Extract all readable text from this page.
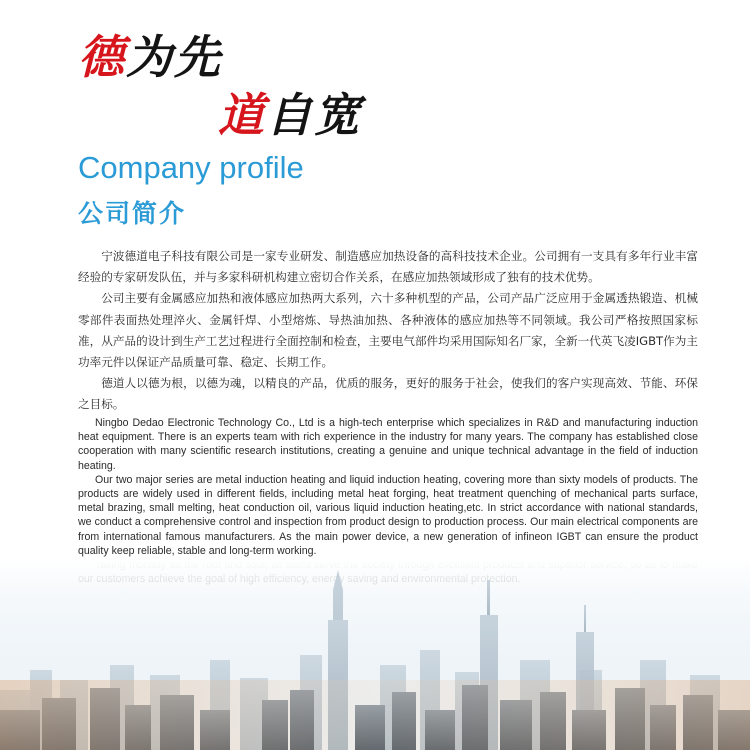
德为先
道自宽
Company profile
公司简介

宁波德道电子科技有限公司是一家专业研发、制造感应加热设备的高科技技术企业。公司拥有一支具有多年行业丰富经验的专家研发队伍，并与多家科研机构建立密切合作关系，在感应加热领域形成了独有的技术优势。

公司主要有金属感应加热和液体感应加热两大系列，六十多种机型的产品，公司产品广泛应用于金属透热锻造、机械零部件表面热处理淬火、金属钎焊、小型熔炼、导热油加热、各种液体的感应加热等不同领域。我公司严格按照国家标准，从产品的设计到生产工艺过程进行全面控制和检查，主要电气部件均采用国际知名厂家，全新一代英飞凌IGBT作为主功率元件以保证产品质量可靠、稳定、长期工作。

德道人以德为根，以德为魂，以精良的产品，优质的服务，更好的服务于社会，使我们的客户实现高效、节能、环保之目标。

Ningbo Dedao Electronic Technology Co., Ltd is a high-tech enterprise which specializes in R&D and manufacturing induction heat equipment. There is an experts team with rich experience in the industry for many years. The company has established close cooperation with many scientific research institutions, creating a genuine and unique technical advantage in the field of induction heating.

Our two major series are metal induction heating and liquid induction heating, covering more than sixty models of products. The products are widely used in different fields, including metal heat forging, heat treatment quenching of mechanical parts surface, metal brazing, small melting, heat conduction oil, various liquid induction heating,etc. In strict accordance with national standards, we conduct a comprehensive control and inspection from product design to production process. Our main electrical components are from international famous manufacturers. As the main power device, a new generation of infineon IGBT can ensure the product quality keep reliable, stable and long-term working.
